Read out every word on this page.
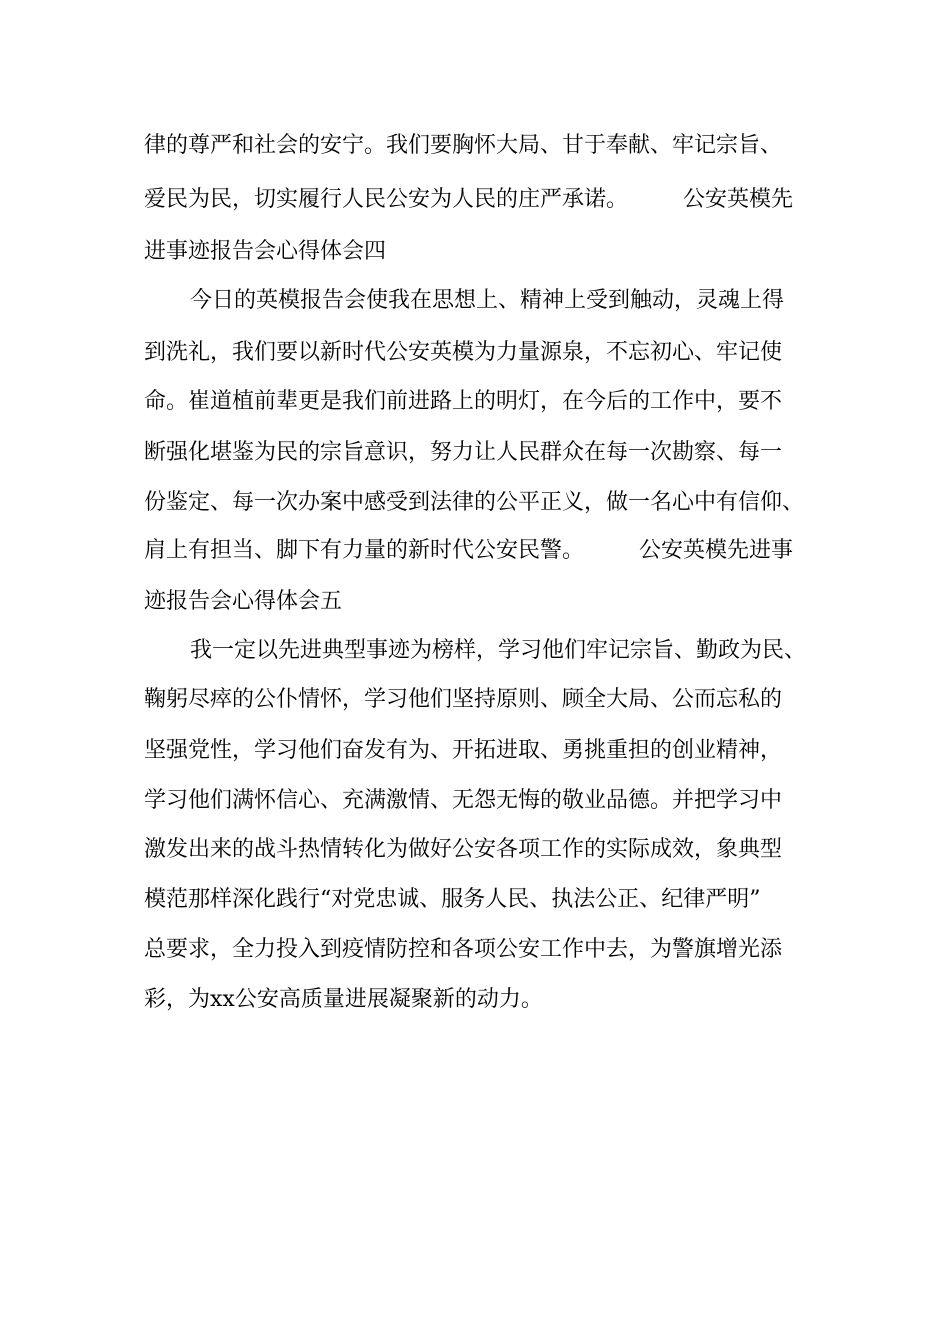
律的尊严和社会的安宁。我们要胸怀大局、甘于奉献、牢记宗旨、
爱民为民，切实履行人民公安为人民的庄严承诺。　　　公安英模先
进事迹报告会心得体会四
今日的英模报告会使我在思想上、精神上受到触动，灵魂上得
到洗礼，我们要以新时代公安英模为力量源泉，不忘初心、牢记使
命。崔道植前辈更是我们前进路上的明灯，在今后的工作中，要不
断强化堪鉴为民的宗旨意识，努力让人民群众在每一次勘察、每一
份鉴定、每一次办案中感受到法律的公平正义，做一名心中有信仰、
肩上有担当、脚下有力量的新时代公安民警。　　　公安英模先进事
迹报告会心得体会五
我一定以先进典型事迹为榜样，学习他们牢记宗旨、勤政为民、
鞠躬尽瘁的公仆情怀，学习他们坚持原则、顾全大局、公而忘私的
坚强党性，学习他们奋发有为、开拓进取、勇挑重担的创业精神，
学习他们满怀信心、充满激情、无怨无悔的敬业品德。并把学习中
激发出来的战斗热情转化为做好公安各项工作的实际成效，象典型
模范那样深化践行“对党忠诚、服务人民、执法公正、纪律严明”
总要求，全力投入到疫情防控和各项公安工作中去，为警旗增光添
彩，为xx公安高质量进展凝聚新的动力。
